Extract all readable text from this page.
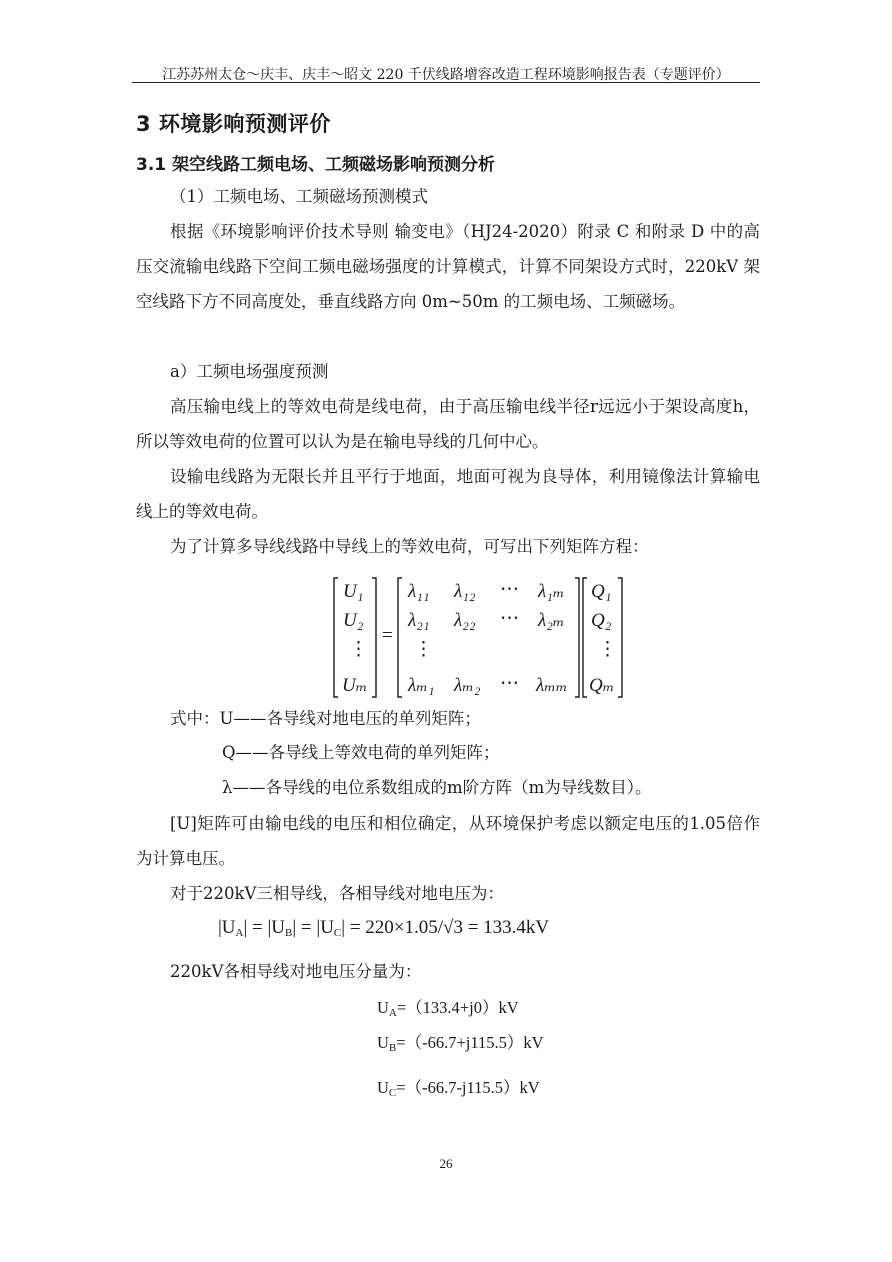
江苏苏州太仓～庆丰、庆丰～昭文 220 千伏线路增容改造工程环境影响报告表（专题评价）
3 环境影响预测评价
3.1 架空线路工频电场、工频磁场影响预测分析
（1）工频电场、工频磁场预测模式
根据《环境影响评价技术导则 输变电》（HJ24-2020）附录 C 和附录 D 中的高压交流输电线路下空间工频电磁场强度的计算模式，计算不同架设方式时，220kV 架空线路下方不同高度处，垂直线路方向 0m~50m 的工频电场、工频磁场。
a）工频电场强度预测
高压输电线上的等效电荷是线电荷，由于高压输电线半径r远远小于架设高度h，所以等效电荷的位置可以认为是在输电导线的几何中心。
设输电线路为无限长并且平行于地面，地面可视为良导体，利用镜像法计算输电线上的等效电荷。
为了计算多导线线路中导线上的等效电荷，可写出下列矩阵方程：
U₁
U₂
⋮
Uₘ
=
λ₁₁ λ₁₂ ⋯ λ₁ₘ
λ₂₁ λ₂₂ ⋯ λ₂ₘ
⋮
λₘ₁ λₘ₂ ⋯ λₘₘ
Q₁
Q₂
⋮
Qₘ
式中：U——各导线对地电压的单列矩阵；
Q——各导线上等效电荷的单列矩阵；
λ——各导线的电位系数组成的m阶方阵（m为导线数目）。
[U]矩阵可由输电线的电压和相位确定，从环境保护考虑以额定电压的1.05倍作为计算电压。
对于220kV三相导线，各相导线对地电压为：
$|U_A| = |U_B| = |U_C| = 220\times 1.05/√3 = 133.4kV$
220kV各相导线对地电压分量为：
$U_A=(133.4+j0)kV$
$U_B=(-66.7+j115.5)kV$
$U_C=(-66.7-j115.5)kV$
26
